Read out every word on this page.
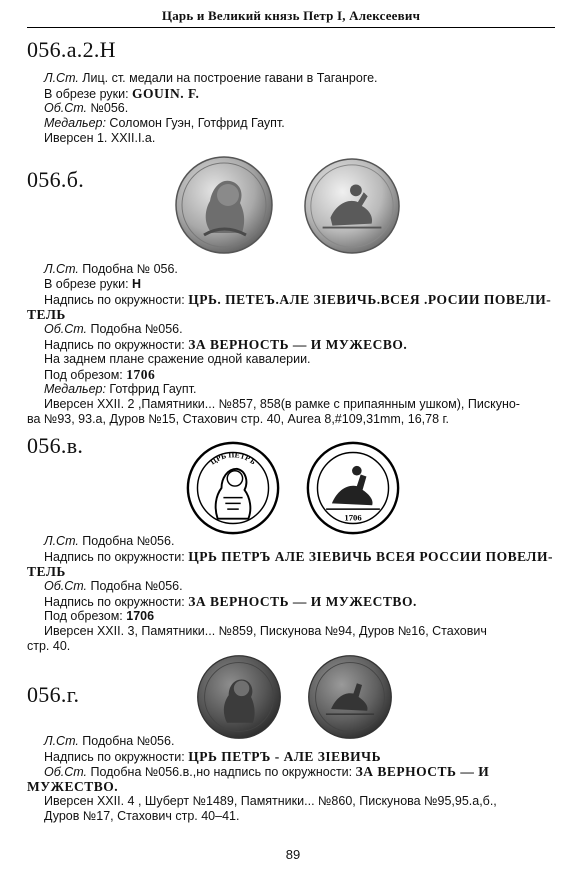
Царь и Великий князь Петр I, Алексеевич
056.а.2.Н
Л.Ст. Лиц. ст. медали на построение гавани в Таганроге.
В обрезе руки: GOUIN. F.
Об.Ст. №056.
Медальер: Соломон Гуэн, Готфрид Гаупт.
Иверсен 1. XXII.I.a.
056.б.
Л.Ст. Подобна № 056.
В обрезе руки: Н
Надпись по окружности: ЦРЬ. ПЕТЕЪ.АЛЕ ЗIЕВИЧЬ.ВСЕЯ .РОСИИ ПОВЕЛИ-
ТЕЛЬ
Об.Ст. Подобна №056.
Надпись по окружности: ЗА ВЕРНОСТЬ — И МУЖЕСВО.
На заднем плане сражение одной кавалерии.
Под обрезом: 1706
Медальер: Готфрид Гаупт.
Иверсен XXII. 2 ,Памятники... №857, 858(в рамке с припаянным ушком), Пискуно-
ва №93, 93.а, Дуров №15, Стахович стр. 40, Aurea 8,#109,31mm, 16,78 г.
056.в.
ЦРЬ ПЕТРЪ
1706
Л.Ст. Подобна №056.
Надпись по окружности: ЦРЬ ПЕТРЪ АЛЕ ЗIЕВИЧЬ ВСЕЯ РОССИИ ПОВЕЛИ-
ТЕЛЬ
Об.Ст. Подобна №056.
Надпись по окружности: ЗА ВЕРНОСТЬ — И МУЖЕСТВО.
Под обрезом: 1706
Иверсен XXII. 3, Памятники... №859, Пискунова №94, Дуров №16, Стахович
стр. 40.
056.г.
Л.Ст. Подобна №056.
Надпись по окружности: ЦРЬ ПЕТРЪ - АЛЕ ЗIЕВИЧЬ
Об.Ст. Подобна №056.в.,но надпись по окружности: ЗА ВЕРНОСТЬ — И
МУЖЕСТВО.
Иверсен XXII. 4 , Шуберт №1489, Памятники... №860, Пискунова №95,95.а,б.,
Дуров №17, Стахович стр. 40–41.
89
